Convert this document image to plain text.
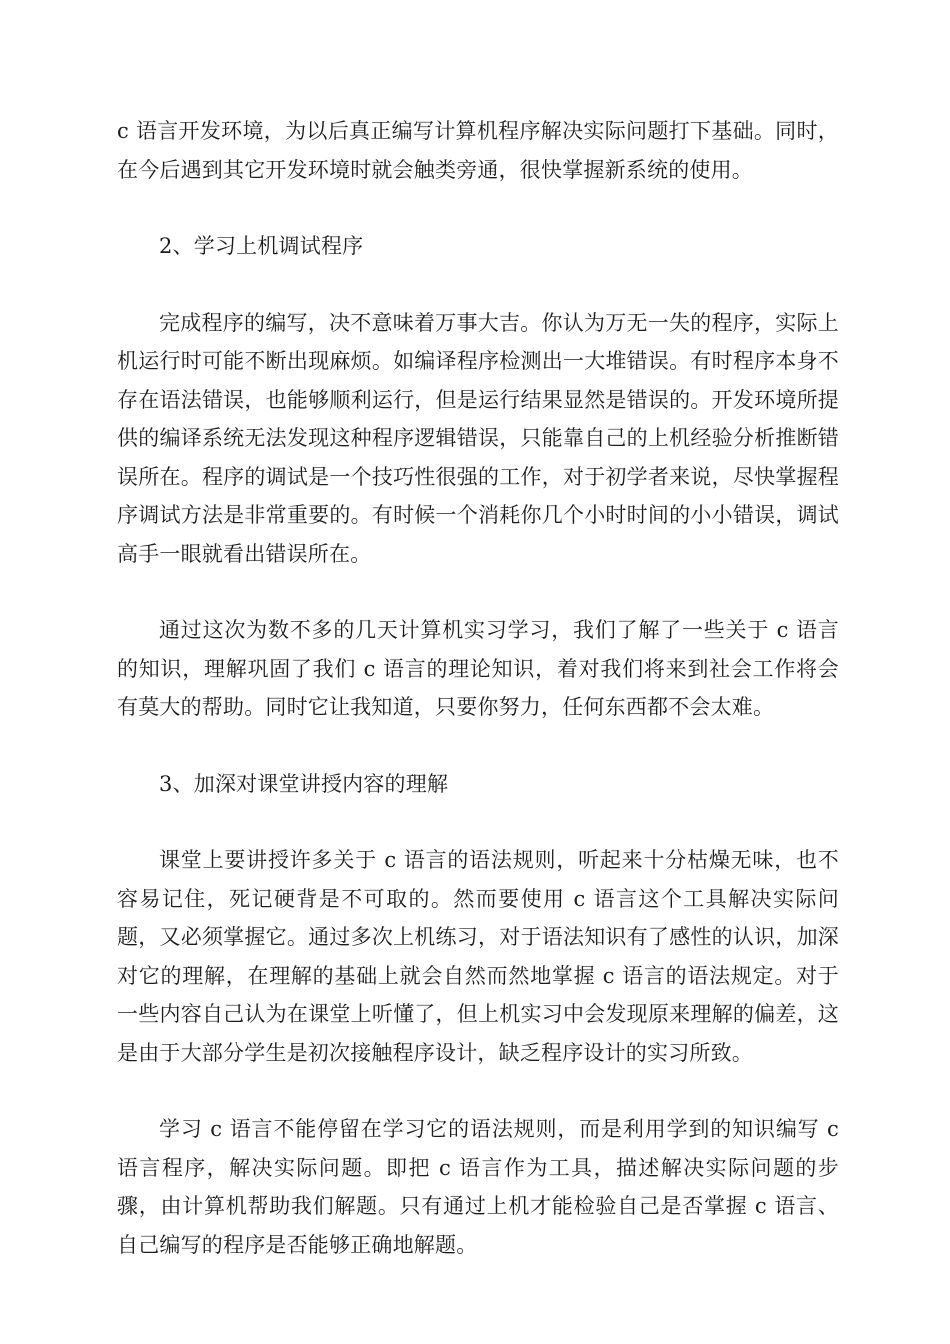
c 语言开发环境，为以后真正编写计算机程序解决实际问题打下基础。同时，在今后遇到其它开发环境时就会触类旁通，很快掌握新系统的使用。

2、学习上机调试程序

完成程序的编写，决不意味着万事大吉。你认为万无一失的程序，实际上机运行时可能不断出现麻烦。如编译程序检测出一大堆错误。有时程序本身不存在语法错误，也能够顺利运行，但是运行结果显然是错误的。开发环境所提供的编译系统无法发现这种程序逻辑错误，只能靠自己的上机经验分析推断错误所在。程序的调试是一个技巧性很强的工作，对于初学者来说，尽快掌握程序调试方法是非常重要的。有时候一个消耗你几个小时时间的小小错误，调试高手一眼就看出错误所在。

通过这次为数不多的几天计算机实习学习，我们了解了一些关于 c 语言的知识，理解巩固了我们 c 语言的理论知识，着对我们将来到社会工作将会有莫大的帮助。同时它让我知道，只要你努力，任何东西都不会太难。

3、加深对课堂讲授内容的理解

课堂上要讲授许多关于 c 语言的语法规则，听起来十分枯燥无味，也不容易记住，死记硬背是不可取的。然而要使用 c 语言这个工具解决实际问题，又必须掌握它。通过多次上机练习，对于语法知识有了感性的认识，加深对它的理解，在理解的基础上就会自然而然地掌握 c 语言的语法规定。对于一些内容自己认为在课堂上听懂了，但上机实习中会发现原来理解的偏差，这是由于大部分学生是初次接触程序设计，缺乏程序设计的实习所致。

学习 c 语言不能停留在学习它的语法规则，而是利用学到的知识编写 c 语言程序，解决实际问题。即把 c 语言作为工具，描述解决实际问题的步骤，由计算机帮助我们解题。只有通过上机才能检验自己是否掌握 c 语言、自己编写的程序是否能够正确地解题。
